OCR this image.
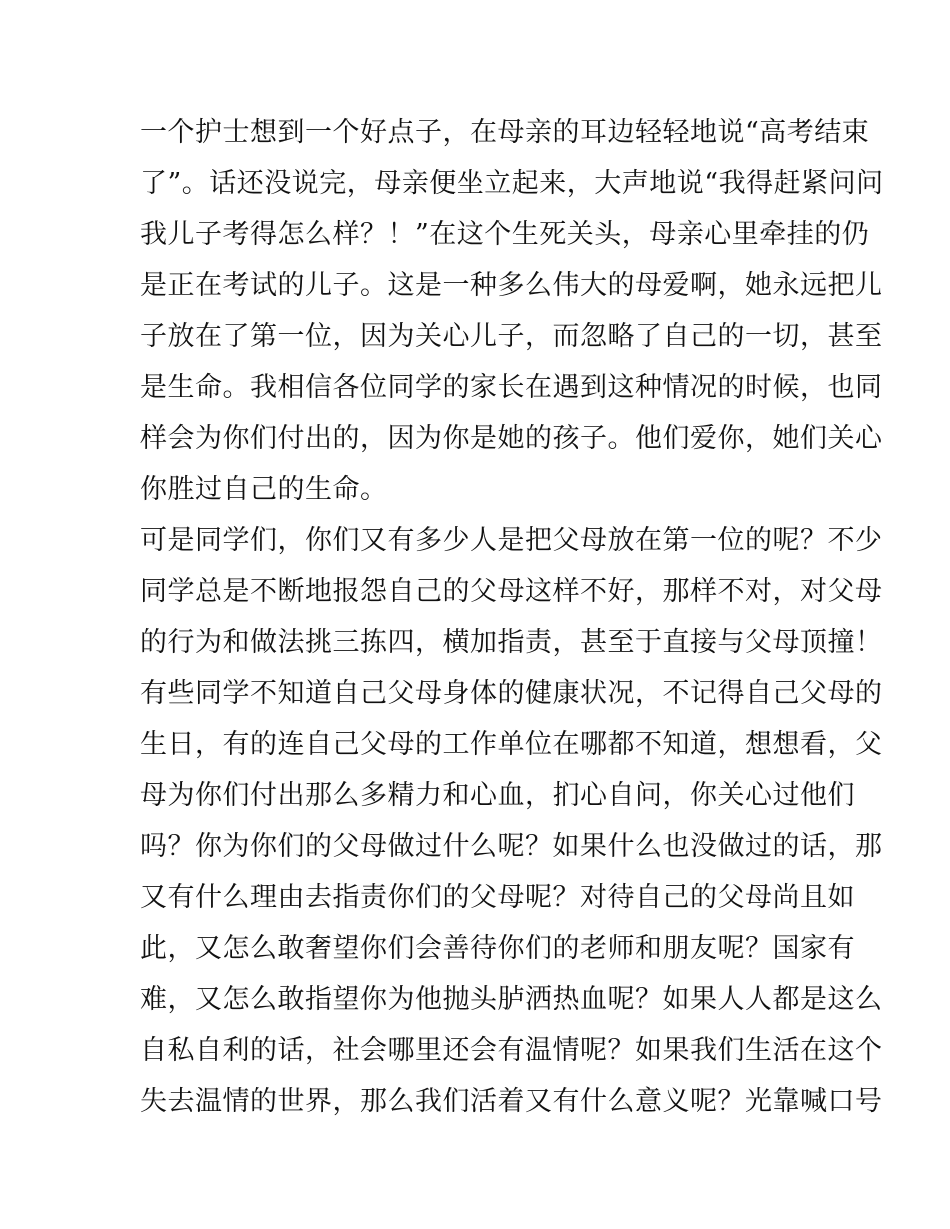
一个护士想到一个好点子，在母亲的耳边轻轻地说“高考结束
了”。话还没说完，母亲便坐立起来，大声地说“我得赶紧问问
我儿子考得怎么样？！”在这个生死关头，母亲心里牵挂的仍
是正在考试的儿子。这是一种多么伟大的母爱啊，她永远把儿
子放在了第一位，因为关心儿子，而忽略了自己的一切，甚至
是生命。我相信各位同学的家长在遇到这种情况的时候，也同
样会为你们付出的，因为你是她的孩子。他们爱你，她们关心
你胜过自己的生命。
可是同学们，你们又有多少人是把父母放在第一位的呢？不少
同学总是不断地报怨自己的父母这样不好，那样不对，对父母
的行为和做法挑三拣四，横加指责，甚至于直接与父母顶撞！
有些同学不知道自己父母身体的健康状况，不记得自己父母的
生日，有的连自己父母的工作单位在哪都不知道，想想看，父
母为你们付出那么多精力和心血，扪心自问，你关心过他们
吗？你为你们的父母做过什么呢？如果什么也没做过的话，那
又有什么理由去指责你们的父母呢？对待自己的父母尚且如
此，又怎么敢奢望你们会善待你们的老师和朋友呢？国家有
难，又怎么敢指望你为他抛头胪洒热血呢？如果人人都是这么
自私自利的话，社会哪里还会有温情呢？如果我们生活在这个
失去温情的世界，那么我们活着又有什么意义呢？光靠喊口号
